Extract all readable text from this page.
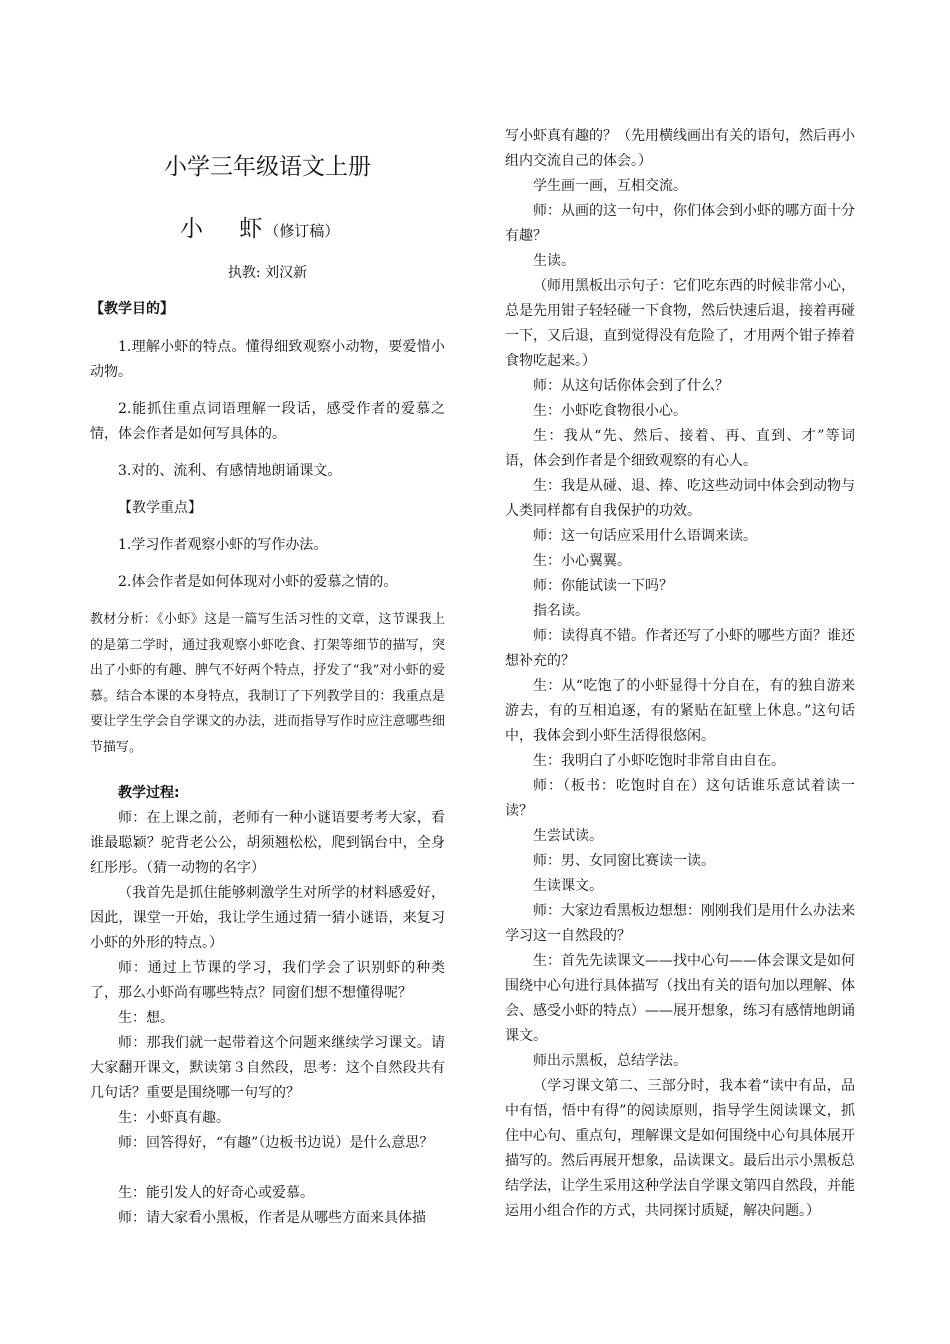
小学三年级语文上册
小　 虾（修订稿）
执教: 刘汉新

【教学目的】

1.理解小虾的特点。懂得细致观察小动物，要爱惜小动物。

2.能抓住重点词语理解一段话，感受作者的爱慕之情，体会作者是如何写具体的。

3.对的、流利、有感情地朗诵课文。

【教学重点】

1.学习作者观察小虾的写作办法。

2.体会作者是如何体现对小虾的爱慕之情的。

教材分析：《小虾》这是一篇写生活习性的文章，这节课我上的是第二学时，通过我观察小虾吃食、打架等细节的描写，突出了小虾的有趣、脾气不好两个特点，抒发了“我”对小虾的爱慕。结合本课的本身特点，我制订了下列教学目的：我重点是要让学生学会自学课文的办法，进而指导写作时应注意哪些细节描写。

教学过程:

师：在上课之前，老师有一种小谜语要考考大家，看谁最聪颖？驼背老公公，胡须翘松松，爬到锅台中，全身红彤彤。（猜一动物的名字）

（我首先是抓住能够刺激学生对所学的材料感爱好，因此，课堂一开始，我让学生通过猜一猜小谜语，来复习小虾的外形的特点。）

师：通过上节课的学习，我们学会了识别虾的种类了，那么小虾尚有哪些特点？同窗们想不想懂得呢？

生：想。

师：那我们就一起带着这个问题来继续学习课文。请大家翻开课文，默读第３自然段，思考：这个自然段共有几句话？重要是围绕哪一句写的？

生：小虾真有趣。

师：回答得好，“有趣”（边板书边说）是什么意思？

生：能引发人的好奇心或爱慕。

师：请大家看小黑板，作者是从哪些方面来具体描

写小虾真有趣的？（先用横线画出有关的语句，然后再小组内交流自己的体会。）

学生画一画，互相交流。

师：从画的这一句中，你们体会到小虾的哪方面十分有趣？

生读。

（师用黑板出示句子：它们吃东西的时候非常小心，总是先用钳子轻轻碰一下食物，然后快速后退，接着再碰一下，又后退，直到觉得没有危险了，才用两个钳子捧着食物吃起来。）

师：从这句话你体会到了什么？

生：小虾吃食物很小心。

生：我从“先、然后、接着、再、直到、才”等词语，体会到作者是个细致观察的有心人。

生：我是从碰、退、捧、吃这些动词中体会到动物与人类同样都有自我保护的功效。

师：这一句话应采用什么语调来读。

生：小心翼翼。

师：你能试读一下吗？

指名读。

师：读得真不错。作者还写了小虾的哪些方面？谁还想补充的？

生：从“吃饱了的小虾显得十分自在，有的独自游来游去，有的互相追逐，有的紧贴在缸壁上休息。”这句话中，我体会到小虾生活得很悠闲。

生：我明白了小虾吃饱时非常自由自在。

师：（板书：吃饱时自在）这句话谁乐意试着读一读？

生尝试读。

师：男、女同窗比赛读一读。

生读课文。

师：大家边看黑板边想想：刚刚我们是用什么办法来学习这一自然段的？

生：首先先读课文——找中心句——体会课文是如何围绕中心句进行具体描写（找出有关的语句加以理解、体会、感受小虾的特点）——展开想象，练习有感情地朗诵课文。

师出示黑板，总结学法。

（学习课文第二、三部分时，我本着“读中有品，品中有悟，悟中有得”的阅读原则，指导学生阅读课文，抓住中心句、重点句，理解课文是如何围绕中心句具体展开描写的。然后再展开想象，品读课文。最后出示小黑板总结学法，让学生采用这种学法自学课文第四自然段，并能运用小组合作的方式，共同探讨质疑，解决问题。）
